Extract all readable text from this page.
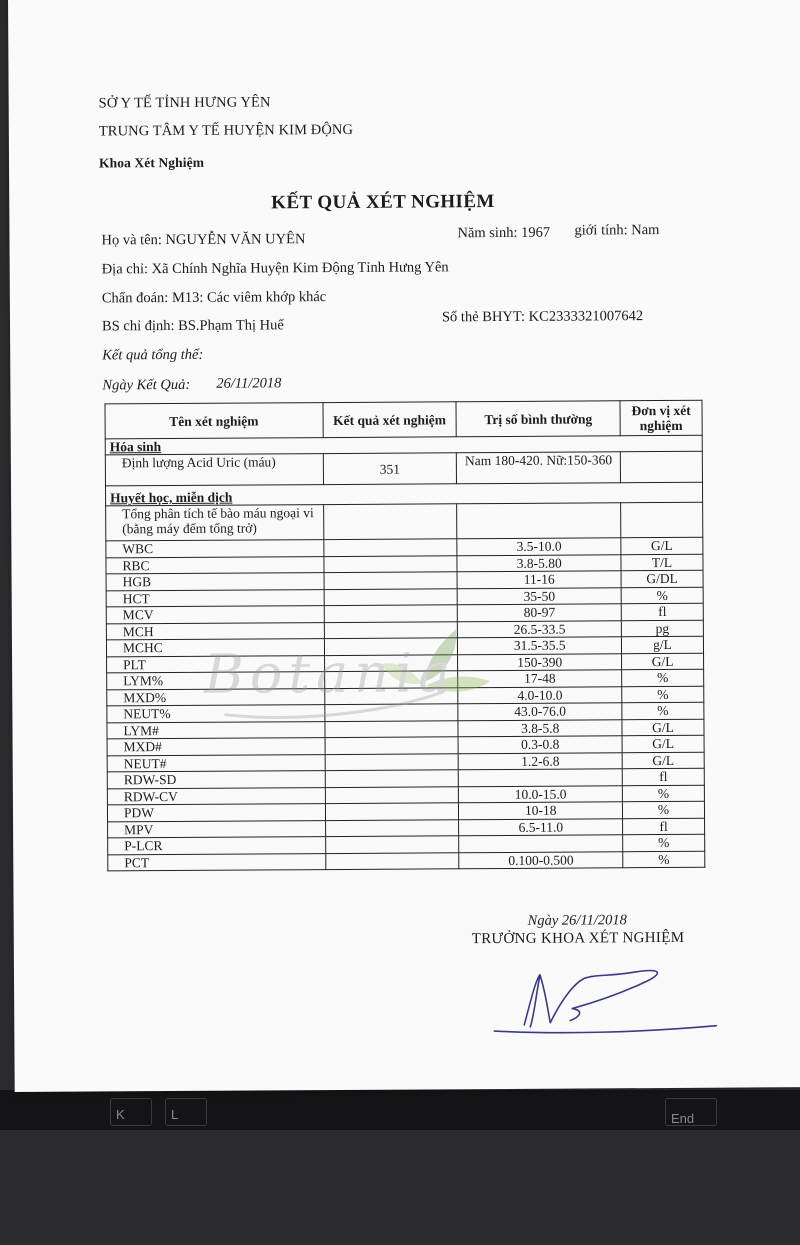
K	L	End
SỞ Y TẾ TỈNH HƯNG YÊN
TRUNG TÂM Y TẾ HUYỆN KIM ĐỘNG
Khoa Xét Nghiệm
KẾT QUẢ XÉT NGHIỆM
Họ và tên: NGUYỄN VĂN UYÊN	Năm sinh: 1967 giới tính: Nam
Địa chỉ: Xã Chính Nghĩa Huyện Kim Động Tỉnh Hưng Yên
Chẩn đoán: M13: Các viêm khớp khác
BS chỉ định: BS.Phạm Thị Huế
Số thẻ BHYT: KC2333321007642
Kết quả tổng thể:
Ngày Kết Quả: 26/11/2018
Tên xét nghiệm	Kết quả xét nghiệm	Trị số bình thường	Đơn vị xét nghiệm
Hóa sinh			
Định lượng Acid Uric (máu)	351	Nam 180-420. Nữ:150-360	
Huyết học, miễn dịch			
Tổng phân tích tế bào máu ngoại vi (bằng máy đếm tổng trở)			
WBC		3.5-10.0	G/L
RBC		3.8-5.80	T/L
HGB		11-16	G/DL
HCT		35-50	%
MCV		80-97	fl
MCH		26.5-33.5	pg
MCHC		31.5-35.5	g/L
PLT		150-390	G/L
LYM%		17-48	%
MXD%		4.0-10.0	%
NEUT%		43.0-76.0	%
LYM#		3.8-5.8	G/L
MXD#		0.3-0.8	G/L
NEUT#		1.2-6.8	G/L
RDW-SD			fl
RDW-CV		10.0-15.0	%
PDW		10-18	%
MPV		6.5-11.0	fl
P-LCR			%
PCT		0.100-0.500	%
Botania
Ngày 26/11/2018
TRƯỞNG KHOA XÉT NGHIỆM
